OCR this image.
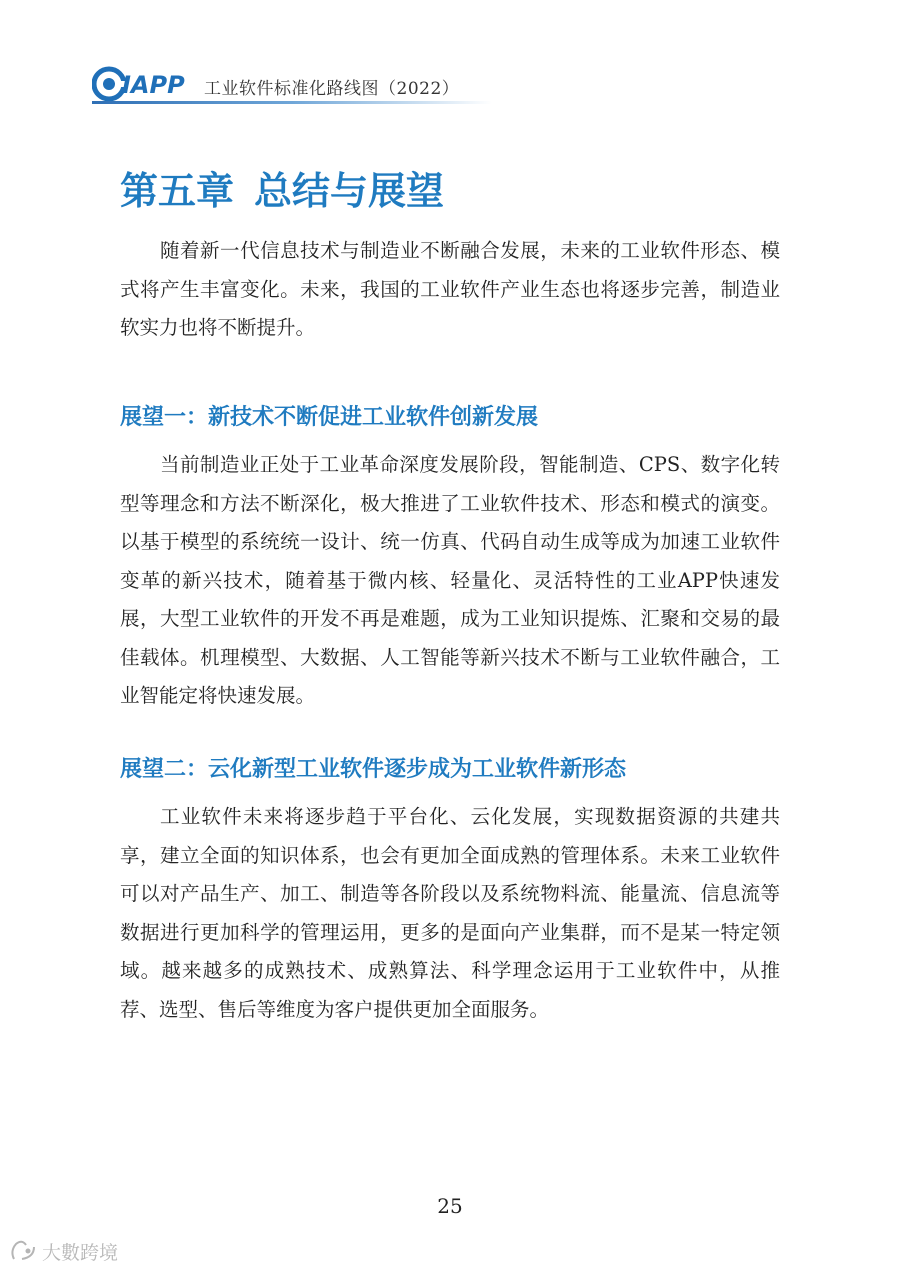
IAPP 工业软件标准化路线图（2022）
第五章 总结与展望

随着新一代信息技术与制造业不断融合发展，未来的工业软件形态、模式将产生丰富变化。未来，我国的工业软件产业生态也将逐步完善，制造业软实力也将不断提升。

展望一：新技术不断促进工业软件创新发展

当前制造业正处于工业革命深度发展阶段，智能制造、CPS、数字化转型等理念和方法不断深化，极大推进了工业软件技术、形态和模式的演变。以基于模型的系统统一设计、统一仿真、代码自动生成等成为加速工业软件变革的新兴技术，随着基于微内核、轻量化、灵活特性的工业APP快速发展，大型工业软件的开发不再是难题，成为工业知识提炼、汇聚和交易的最佳载体。机理模型、大数据、人工智能等新兴技术不断与工业软件融合，工业智能定将快速发展。

展望二：云化新型工业软件逐步成为工业软件新形态

工业软件未来将逐步趋于平台化、云化发展，实现数据资源的共建共享，建立全面的知识体系，也会有更加全面成熟的管理体系。未来工业软件可以对产品生产、加工、制造等各阶段以及系统物料流、能量流、信息流等数据进行更加科学的管理运用，更多的是面向产业集群，而不是某一特定领域。越来越多的成熟技术、成熟算法、科学理念运用于工业软件中，从推荐、选型、售后等维度为客户提供更加全面服务。

25
大數跨境
